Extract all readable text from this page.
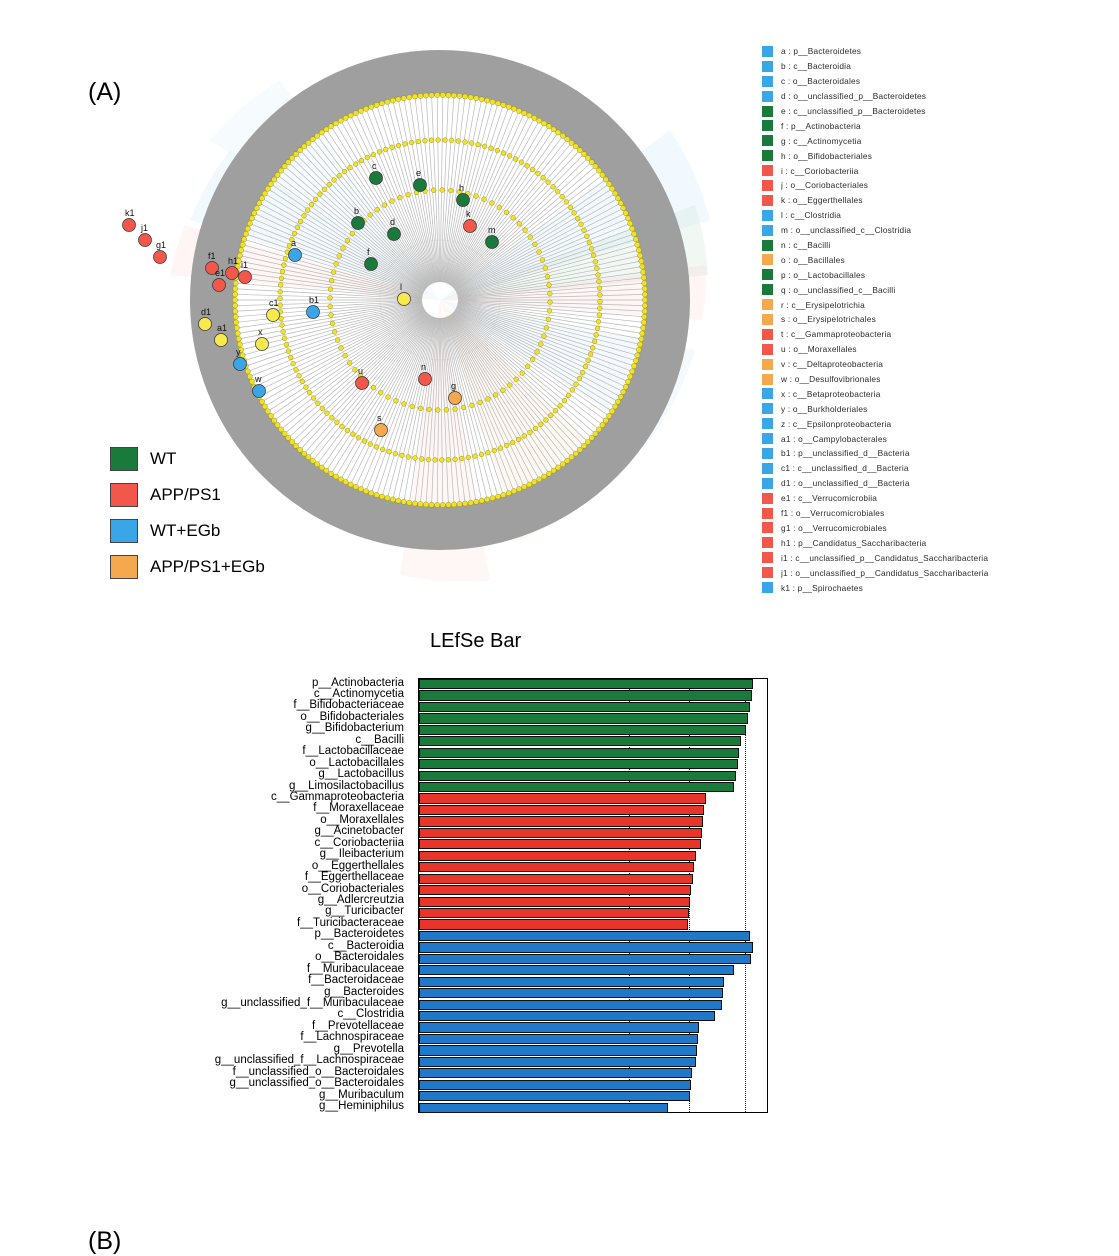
(A)
a
b
c
d
e
f
g
h
k
l
m
n
u
s
y
w
x
a1
d1
c1	b1
e1
f1
g1
h1 i1
j1
k1
WT
APP/PS1
WT+EGb
APP/PS1+EGb
a : p__Bacteroidetes
b : c__Bacteroidia
c : o__Bacteroidales
d : o__unclassified_p__Bacteroidetes
e : c__unclassified_p__Bacteroidetes
f : p__Actinobacteria
g : c__Actinomycetia
h : o__Bifidobacteriales
i : c__Coriobacteriia
j : o__Coriobacteriales
k : o__Eggerthellales
l : c__Clostridia
m : o__unclassified_c__Clostridia
n : c__Bacilli
o : o__Bacillales
p : o__Lactobacillales
q : o__unclassified_c__Bacilli
r : c__Erysipelotrichia
s : o__Erysipelotrichales
t : c__Gammaproteobacteria
u : o__Moraxellales
v : c__Deltaproteobacteria
w : o__Desulfovibrionales
x : c__Betaproteobacteria
y : o__Burkholderiales
z : c__Epsilonproteobacteria
a1 : o__Campylobacterales
b1 : p__unclassified_d__Bacteria
c1 : c__unclassified_d__Bacteria
d1 : o__unclassified_d__Bacteria
e1 : c__Verrucomicrobiia
f1 : o__Verrucomicrobiales
g1 : o__Verrucomicrobiales
h1 : p__Candidatus_Saccharibacteria
i1 : c__unclassified_p__Candidatus_Saccharibacteria
j1 : o__unclassified_p__Candidatus_Saccharibacteria
k1 : p__Spirochaetes
(B)
LEfSe Bar
p__Actinobacteria
c__Actinomycetia
f__Bifidobacteriaceae
o__Bifidobacteriales
g__Bifidobacterium
c__Bacilli
f__Lactobacillaceae
o__Lactobacillales
g__Lactobacillus
g__Limosilactobacillus
c__Gammaproteobacteria
f__Moraxellaceae
o__Moraxellales
g__Acinetobacter
c__Coriobacteriia
g__Ileibacterium
o__Eggerthellales
f__Eggerthellaceae
o__Coriobacteriales
g__Adlercreutzia
g__Turicibacter
f__Turicibacteraceae
p__Bacteroidetes
c__Bacteroidia
o__Bacteroidales
f__Muribaculaceae
f__Bacteroidaceae
g__Bacteroides
g__unclassified_f__Muribaculaceae
c__Clostridia
f__Prevotellaceae
f__Lachnospiraceae
g__Prevotella
g__unclassified_f__Lachnospiraceae
f__unclassified_o__Bacteroidales
g__unclassified_o__Bacteroidales
g__Muribaculum
g__Heminiphilus
